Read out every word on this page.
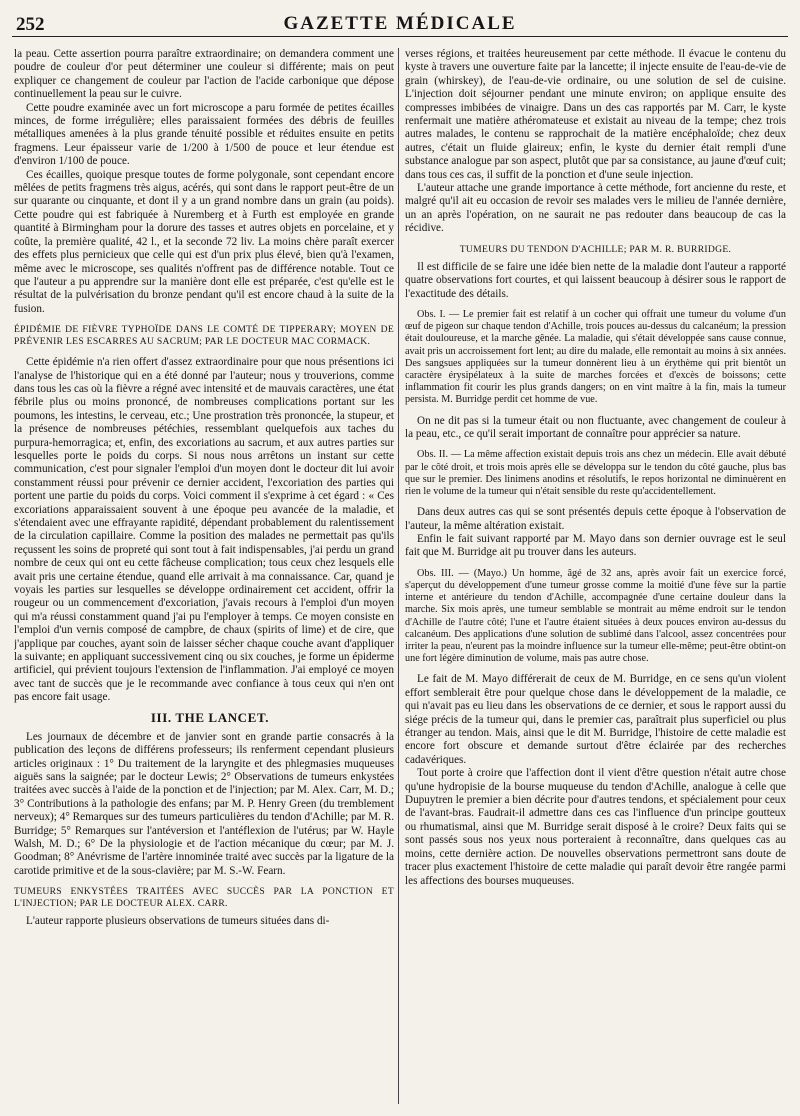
252	GAZETTE MÉDICALE

la peau. Cette assertion pourra paraître extraordinaire; on demandera comment une poudre de couleur d'or peut déterminer une couleur si différente; mais on peut expliquer ce changement de couleur par l'action de l'acide carbonique que dépose continuellement la peau sur le cuivre.

Cette poudre examinée avec un fort microscope a paru formée de petites écailles minces, de forme irrégulière; elles paraissaient formées des débris de feuilles métalliques amenées à la plus grande ténuité possible et réduites ensuite en petits fragmens. Leur épaisseur varie de 1/200 à 1/500 de pouce et leur étendue est d'environ 1/100 de pouce.

Ces écailles, quoique presque toutes de forme polygonale, sont cependant encore mêlées de petits fragmens très aigus, acérés, qui sont dans le rapport peut-être de un sur quarante ou cinquante, et dont il y a un grand nombre dans un grain (au poids). Cette poudre qui est fabriquée à Nuremberg et à Furth est employée en grande quantité à Birmingham pour la dorure des tasses et autres objets en porcelaine, et y coûte, la première qualité, 42 l., et la seconde 72 liv. La moins chère paraît exercer des effets plus pernicieux que celle qui est d'un prix plus élevé, bien qu'à l'examen, même avec le microscope, ses qualités n'offrent pas de différence notable. Tout ce que l'auteur a pu apprendre sur la manière dont elle est préparée, c'est qu'elle est le résultat de la pulvérisation du bronze pendant qu'il est encore chaud à la suite de la fusion.

ÉPIDÉMIE DE FIÈVRE TYPHOÏDE DANS LE COMTÉ DE TIPPERARY; MOYEN DE PRÉVENIR LES ESCARRES AU SACRUM; PAR LE DOCTEUR MAC CORMACK.

Cette épidémie n'a rien offert d'assez extraordinaire pour que nous présentions ici l'analyse de l'historique qui en a été donné par l'auteur; nous y trouverions, comme dans tous les cas où la fièvre a régné avec intensité et de mauvais caractères, une état fébrile plus ou moins prononcé, de nombreuses complications portant sur les poumons, les intestins, le cerveau, etc.; Une prostration très prononcée, la stupeur, et la présence de nombreuses pétéchies, ressemblant quelquefois aux taches du purpura-hemorragica; et, enfin, des excoriations au sacrum, et aux autres parties sur lesquelles porte le poids du corps. Si nous nous arrêtons un instant sur cette communication, c'est pour signaler l'emploi d'un moyen dont le docteur dit lui avoir constamment réussi pour prévenir ce dernier accident, l'excoriation des parties qui portent une partie du poids du corps. Voici comment il s'exprime à cet égard : « Ces excoriations apparaissaient souvent à une époque peu avancée de la maladie, et s'étendaient avec une effrayante rapidité, dépendant probablement du ralentissement de la circulation capillaire. Comme la position des malades ne permettait pas qu'ils reçussent les soins de propreté qui sont tout à fait indispensables, j'ai perdu un grand nombre de ceux qui ont eu cette fâcheuse complication; tous ceux chez lesquels elle avait pris une certaine étendue, quand elle arrivait à ma connaissance. Car, quand je voyais les parties sur lesquelles se développe ordinairement cet accident, offrir la rougeur ou un commencement d'excoriation, j'avais recours à l'emploi d'un moyen qui m'a réussi constamment quand j'ai pu l'employer à temps. Ce moyen consiste en l'emploi d'un vernis composé de campbre, de chaux (spirits of lime) et de cire, que j'applique par couches, ayant soin de laisser sécher chaque couche avant d'appliquer la suivante; en appliquant successivement cinq ou six couches, je forme un épiderme artificiel, qui prévient toujours l'extension de l'inflammation. J'ai employé ce moyen avec tant de succès que je le recommande avec confiance à tous ceux qui n'en ont pas encore fait usage.

III. THE LANCET.

Les journaux de décembre et de janvier sont en grande partie consacrés à la publication des leçons de différens professeurs; ils renferment cependant plusieurs articles originaux : 1° Du traitement de la laryngite et des phlegmasies muqueuses aiguës sans la saignée; par le docteur Lewis; 2° Observations de tumeurs enkystées traitées avec succès à l'aide de la ponction et de l'injection; par M. Alex. Carr, M. D.; 3° Contributions à la pathologie des enfans; par M. P. Henry Green (du tremblement nerveux); 4° Remarques sur des tumeurs particulières du tendon d'Achille; par M. R. Burridge; 5° Remarques sur l'antéversion et l'antéflexion de l'utérus; par W. Hayle Walsh, M. D.; 6° De la physiologie et de l'action mécanique du cœur; par M. J. Goodman; 8° Anévrisme de l'artère innominée traité avec succès par la ligature de la carotide primitive et de la sous-clavière; par M. S.-W. Fearn.

TUMEURS ENKYSTÉES TRAITÉES AVEC SUCCÈS PAR LA PONCTION ET L'INJECTION; PAR LE DOCTEUR ALEX. CARR.

L'auteur rapporte plusieurs observations de tumeurs situées dans di-

verses régions, et traitées heureusement par cette méthode. Il évacue le contenu du kyste à travers une ouverture faite par la lancette; il injecte ensuite de l'eau-de-vie de grain (whirskey), de l'eau-de-vie ordinaire, ou une solution de sel de cuisine. L'injection doit séjourner pendant une minute environ; on applique ensuite des compresses imbibées de vinaigre. Dans un des cas rapportés par M. Carr, le kyste renfermait une matière athéromateuse et existait au niveau de la tempe; chez trois autres malades, le contenu se rapprochait de la matière encéphaloïde; chez deux autres, c'était un fluide glaireux; enfin, le kyste du dernier était rempli d'une substance analogue par son aspect, plutôt que par sa consistance, au jaune d'œuf cuit; dans tous ces cas, il suffit de la ponction et d'une seule injection.

L'auteur attache une grande importance à cette méthode, fort ancienne du reste, et malgré qu'il ait eu occasion de revoir ses malades vers le milieu de l'année dernière, un an après l'opération, on ne saurait ne pas redouter dans beaucoup de cas la récidive.

TUMEURS DU TENDON D'ACHILLE; PAR M. R. BURRIDGE.

Il est difficile de se faire une idée bien nette de la maladie dont l'auteur a rapporté quatre observations fort courtes, et qui laissent beaucoup à désirer sous le rapport de l'exactitude des détails.

Obs. I. — Le premier fait est relatif à un cocher qui offrait une tumeur du volume d'un œuf de pigeon sur chaque tendon d'Achille, trois pouces au-dessus du calcanéum; la pression était douloureuse, et la marche gênée. La maladie, qui s'était développée sans cause connue, avait pris un accroissement fort lent; au dire du malade, elle remontait au moins à six années. Des sangsues appliquées sur la tumeur donnèrent lieu à un érythème qui prit bientôt un caractère érysipélateux à la suite de marches forcées et d'excès de boissons; cette inflammation fit courir les plus grands dangers; on en vint maître à la fin, mais la tumeur persista. M. Burridge perdit cet homme de vue.

On ne dit pas si la tumeur était ou non fluctuante, avec changement de couleur à la peau, etc., ce qu'il serait important de connaître pour apprécier sa nature.

Obs. II. — La même affection existait depuis trois ans chez un médecin. Elle avait débuté par le côté droit, et trois mois après elle se développa sur le tendon du côté gauche, plus bas que sur le premier. Des linimens anodins et résolutifs, le repos horizontal ne diminuèrent en rien le volume de la tumeur qui n'était sensible du reste qu'accidentellement.

Dans deux autres cas qui se sont présentés depuis cette époque à l'observation de l'auteur, la même altération existait.

Enfin le fait suivant rapporté par M. Mayo dans son dernier ouvrage est le seul fait que M. Burridge ait pu trouver dans les auteurs.

Obs. III. — (Mayo.) Un homme, âgé de 32 ans, après avoir fait un exercice forcé, s'aperçut du développement d'une tumeur grosse comme la moitié d'une fève sur la partie interne et antérieure du tendon d'Achille, accompagnée d'une certaine douleur dans la marche. Six mois après, une tumeur semblable se montrait au même endroit sur le tendon d'Achille de l'autre côté; l'une et l'autre étaient situées à deux pouces environ au-dessus du calcanéum. Des applications d'une solution de sublimé dans l'alcool, assez concentrées pour irriter la peau, n'eurent pas la moindre influence sur la tumeur elle-même; peut-être obtint-on une fort légère diminution de volume, mais pas autre chose.

Le fait de M. Mayo différerait de ceux de M. Burridge, en ce sens qu'un violent effort semblerait être pour quelque chose dans le développement de la maladie, ce qui n'avait pas eu lieu dans les observations de ce dernier, et sous le rapport aussi du siége précis de la tumeur qui, dans le premier cas, paraîtrait plus superficiel ou plus étranger au tendon. Mais, ainsi que le dit M. Burridge, l'histoire de cette maladie est encore fort obscure et demande surtout d'être éclairée par des recherches cadavériques.

Tout porte à croire que l'affection dont il vient d'être question n'était autre chose qu'une hydropisie de la bourse muqueuse du tendon d'Achille, analogue à celle que Dupuytren le premier a bien décrite pour d'autres tendons, et spécialement pour ceux de l'avant-bras. Faudrait-il admettre dans ces cas l'influence d'un principe goutteux ou rhumatismal, ainsi que M. Burridge serait disposé à le croire? Deux faits qui se sont passés sous nos yeux nous porteraient à reconnaître, dans quelques cas au moins, cette dernière action. De nouvelles observations permettront sans doute de tracer plus exactement l'histoire de cette maladie qui paraît devoir être rangée parmi les affections des bourses muqueuses.
